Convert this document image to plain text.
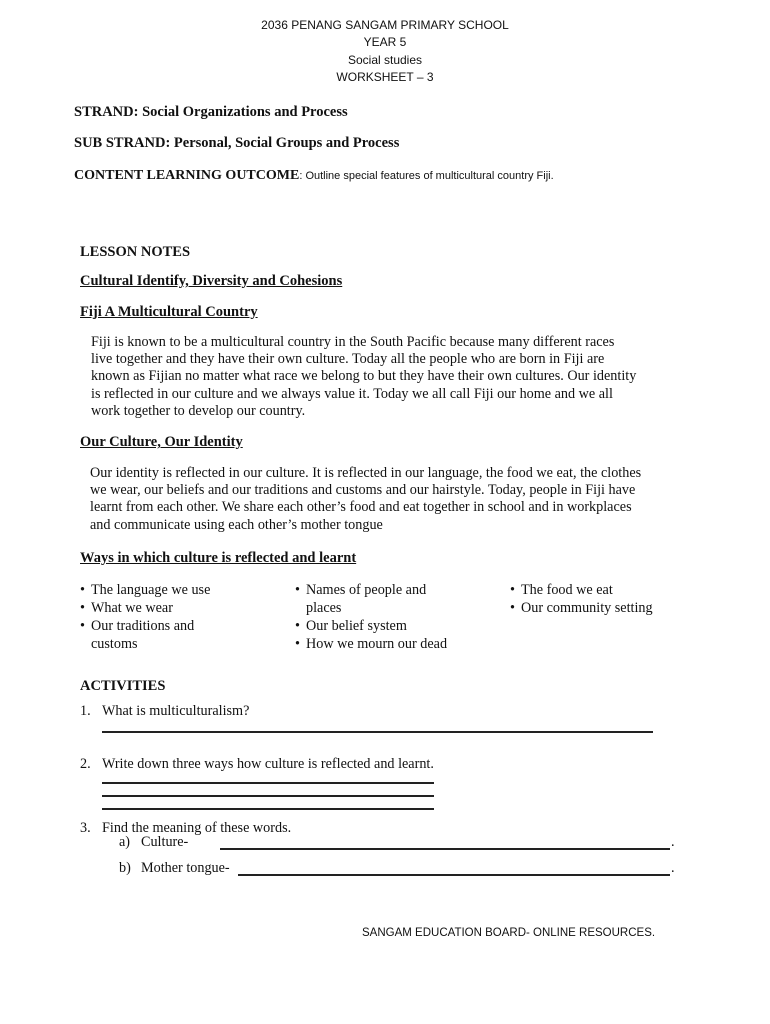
2036 PENANG SANGAM PRIMARY SCHOOL
YEAR 5
Social studies
WORKSHEET – 3
STRAND: Social Organizations and Process
SUB STRAND: Personal, Social Groups and Process
CONTENT LEARNING OUTCOME: Outline special features of multicultural country Fiji.
LESSON NOTES
Cultural Identify, Diversity and Cohesions
Fiji A Multicultural Country
Fiji is known to be a multicultural country in the South Pacific because many different races
live together and they have their own culture. Today all the people who are born in Fiji are
known as Fijian no matter what race we belong to but they have their own cultures. Our identity
is reflected in our culture and we always value it. Today we all call Fiji our home and we all
work together to develop our country.
Our Culture, Our Identity
Our identity is reflected in our culture. It is reflected in our language, the food we eat, the clothes
we wear, our beliefs and our traditions and customs and our hairstyle. Today, people in Fiji have
learnt from each other. We share each other’s food and eat together in school and in workplaces
and communicate using each other’s mother tongue
Ways in which culture is reflected and learnt
• The language we use
• What we wear
• Our traditions and customs
• Names of people and places
• Our belief system
• How we mourn our dead
• The food we eat
• Our community setting
ACTIVITIES
1. What is multiculturalism?
2. Write down three ways how culture is reflected and learnt.
3. Find the meaning of these words.
a) Culture-	.
b) Mother tongue-	.
SANGAM EDUCATION BOARD- ONLINE RESOURCES.
